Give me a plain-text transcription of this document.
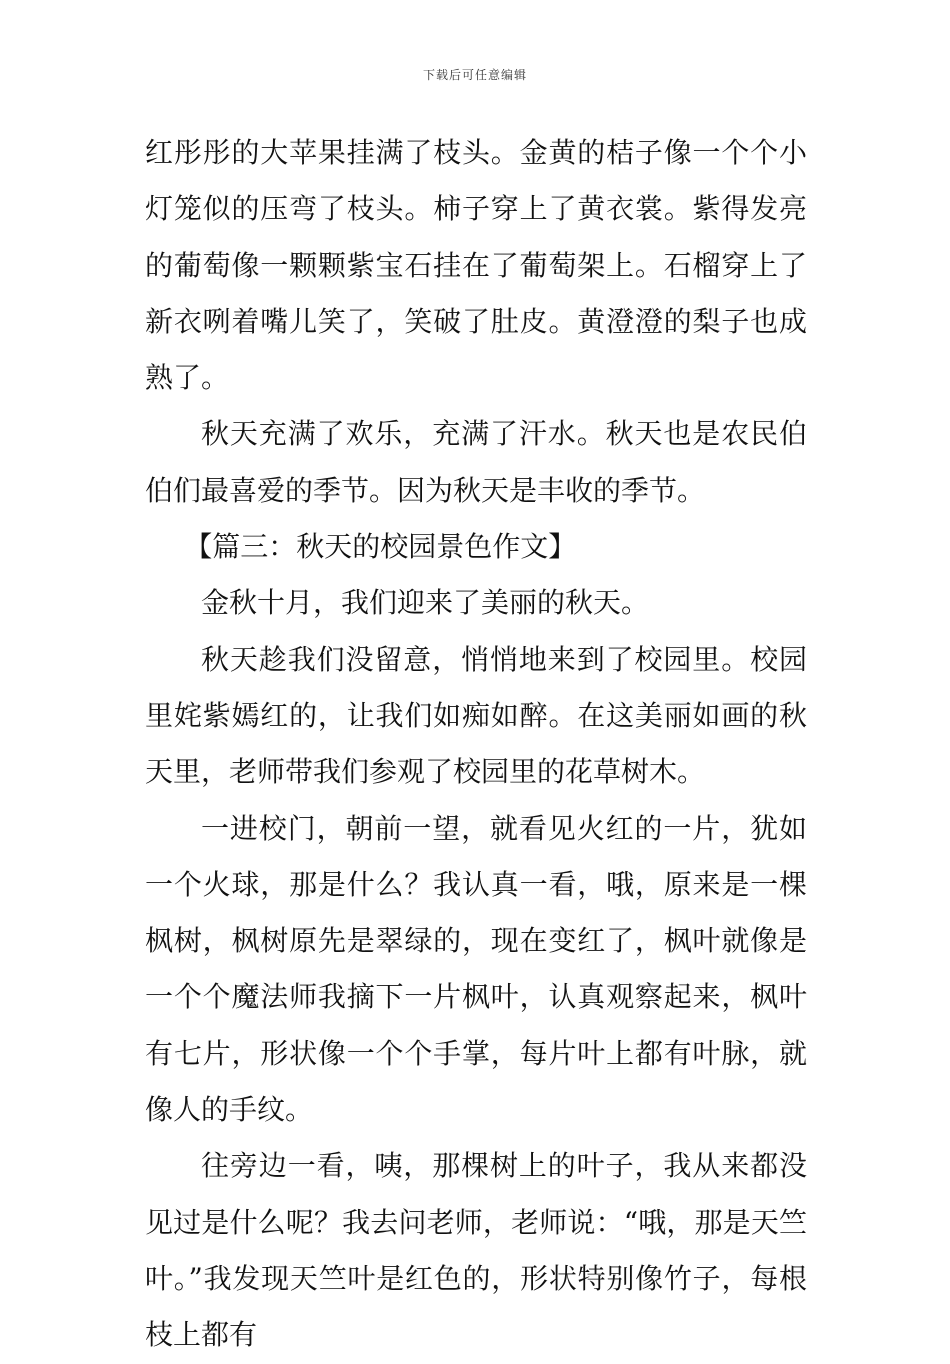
下载后可任意编辑

红彤彤的大苹果挂满了枝头。金黄的桔子像一个个小灯笼似的压弯了枝头。柿子穿上了黄衣裳。紫得发亮的葡萄像一颗颗紫宝石挂在了葡萄架上。石榴穿上了新衣咧着嘴儿笑了，笑破了肚皮。黄澄澄的梨子也成熟了。

秋天充满了欢乐，充满了汗水。秋天也是农民伯伯们最喜爱的季节。因为秋天是丰收的季节。

【篇三：秋天的校园景色作文】

金秋十月，我们迎来了美丽的秋天。

秋天趁我们没留意，悄悄地来到了校园里。校园里姹紫嫣红的，让我们如痴如醉。在这美丽如画的秋天里，老师带我们参观了校园里的花草树木。

一进校门，朝前一望，就看见火红的一片，犹如一个火球，那是什么？我认真一看，哦，原来是一棵枫树，枫树原先是翠绿的，现在变红了，枫叶就像是一个个魔法师我摘下一片枫叶，认真观察起来，枫叶有七片，形状像一个个手掌，每片叶上都有叶脉，就像人的手纹。

往旁边一看，咦，那棵树上的叶子，我从来都没见过是什么呢？我去问老师，老师说：“哦，那是天竺叶。”我发现天竺叶是红色的，形状特别像竹子，每根枝上都有
